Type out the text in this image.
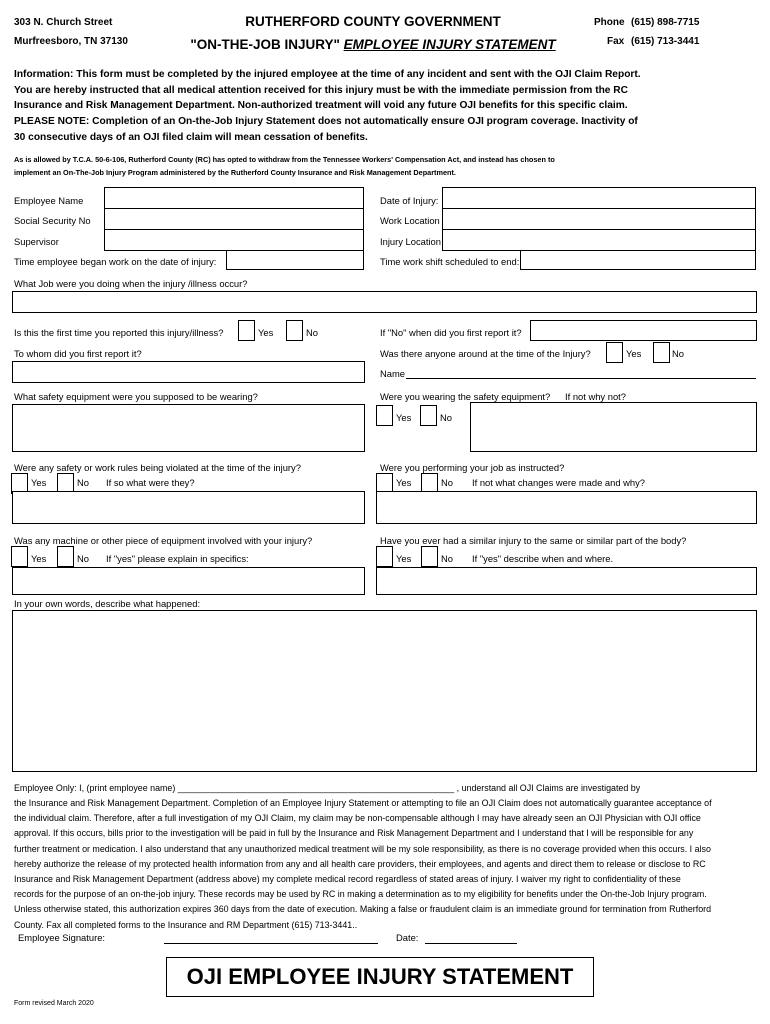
303 N. Church Street
Murfreesboro, TN 37130
RUTHERFORD COUNTY GOVERNMENT
"ON-THE-JOB INJURY" EMPLOYEE INJURY STATEMENT
Phone (615) 898-7715
Fax (615) 713-3441
Information: This form must be completed by the injured employee at the time of any incident and sent with the OJI Claim Report. You are hereby instructed that all medical attention received for this injury must be with the immediate permission from the RC Insurance and Risk Management Department. Non-authorized treatment will void any future OJI benefits for this specific claim. PLEASE NOTE: Completion of an On-the-Job Injury Statement does not automatically ensure OJI program coverage. Inactivity of 30 consecutive days of an OJI filed claim will mean cessation of benefits.
As is allowed by T.C.A. 50-6-106, Rutherford County (RC) has opted to withdraw from the Tennessee Workers' Compensation Act, and instead has chosen to implement an On-The-Job Injury Program administered by the Rutherford County Insurance and Risk Management Department.
Employee Name
Social Security No
Supervisor
Time employee began work on the date of injury:
Date of Injury:
Work Location
Injury Location
Time work shift scheduled to end:
What Job were you doing when the injury /illness occur?
Is this the first time you reported this injury/illness?	Yes	No	If "No" when did you first report it?
To whom did you first report it?	Was there anyone around at the time of the Injury?	Yes	No
Name
What safety equipment were you supposed to be wearing?	Were you wearing the safety equipment? If not why not?
Yes	No
Were any safety or work rules being violated at the time of the injury?
Yes	No If so what were they?
Were you performing your job as instructed?
Yes	No If not what changes were made and why?
Was any machine or other piece of equipment involved with your injury?
Yes	No If "yes" please explain in specifics:
Have you ever had a similar injury to the same or similar part of the body?
Yes	No If "yes" describe when and where.
In your own words, describe what happened:
Employee Only: I, (print employee name) ________________________________________________________ , understand all OJI Claims are investigated by
the Insurance and Risk Management Department. Completion of an Employee Injury Statement or attempting to file an OJI Claim does not automatically guarantee acceptance of the individual claim. Therefore, after a full investigation of my OJI Claim, my claim may be non-compensable although I may have already seen an OJI Physician with OJI office approval. If this occurs, bills prior to the investigation will be paid in full by the Insurance and Risk Management Department and I understand that I will be responsible for any further treatment or medication. I also understand that any unauthorized medical treatment will be my sole responsibility, as there is no coverage provided when this occurs. I also hereby authorize the release of my protected health information from any and all health care providers, their employees, and agents and direct them to release or disclose to RC Insurance and Risk Management Department (address above) my complete medical record regardless of stated areas of injury. I waiver my right to confidentiality of these records for the purpose of an on-the-job injury. These records may be used by RC in making a determination as to my eligibility for benefits under the On-the-Job Injury program. Unless otherwise stated, this authorization expires 360 days from the date of execution. Making a false or fraudulent claim is an immediate ground for termination from Rutherford County. Fax all completed forms to the Insurance and RM Department (615) 713-3441..
Employee Signature:	Date:
OJI EMPLOYEE INJURY STATEMENT
Form revised March 2020
